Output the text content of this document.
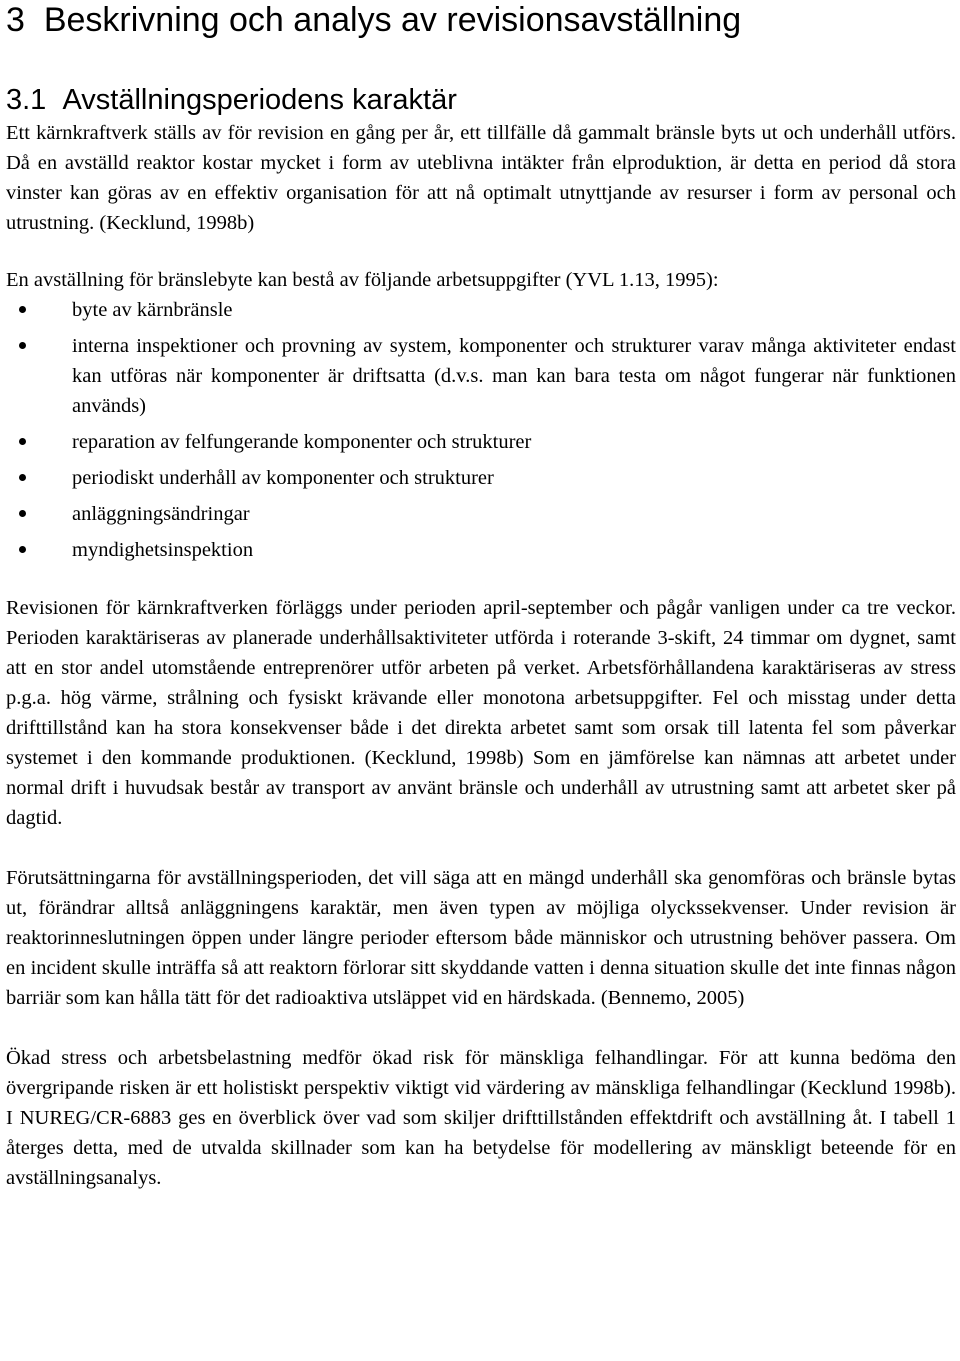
3 Beskrivning och analys av revisionsavställning
3.1 Avställningsperiodens karaktär

Ett kärnkraftverk ställs av för revision en gång per år, ett tillfälle då gammalt bränsle byts ut och underhåll utförs. Då en avställd reaktor kostar mycket i form av uteblivna intäkter från elproduktion, är detta en period då stora vinster kan göras av en effektiv organisation för att nå optimalt utnyttjande av resurser i form av personal och utrustning. (Kecklund, 1998b)

En avställning för bränslebyte kan bestå av följande arbetsuppgifter (YVL 1.13, 1995):

byte av kärnbränsle
interna inspektioner och provning av system, komponenter och strukturer varav många aktiviteter endast kan utföras när komponenter är driftsatta (d.v.s. man kan bara testa om något fungerar när funktionen används)
reparation av felfungerande komponenter och strukturer
periodiskt underhåll av komponenter och strukturer
anläggningsändringar
myndighetsinspektion

Revisionen för kärnkraftverken förläggs under perioden april-september och pågår vanligen under ca tre veckor. Perioden karaktäriseras av planerade underhållsaktiviteter utförda i roterande 3-skift, 24 timmar om dygnet, samt att en stor andel utomstående entreprenörer utför arbeten på verket. Arbetsförhållandena karaktäriseras av stress p.g.a. hög värme, strålning och fysiskt krävande eller monotona arbetsuppgifter. Fel och misstag under detta drifttillstånd kan ha stora konsekvenser både i det direkta arbetet samt som orsak till latenta fel som påverkar systemet i den kommande produktionen. (Kecklund, 1998b) Som en jämförelse kan nämnas att arbetet under normal drift i huvudsak består av transport av använt bränsle och underhåll av utrustning samt att arbetet sker på dagtid.

Förutsättningarna för avställningsperioden, det vill säga att en mängd underhåll ska genomföras och bränsle bytas ut, förändrar alltså anläggningens karaktär, men även typen av möjliga olyckssekvenser. Under revision är reaktorinneslutningen öppen under längre perioder eftersom både människor och utrustning behöver passera. Om en incident skulle inträffa så att reaktorn förlorar sitt skyddande vatten i denna situation skulle det inte finnas någon barriär som kan hålla tätt för det radioaktiva utsläppet vid en härdskada. (Bennemo, 2005)

Ökad stress och arbetsbelastning medför ökad risk för mänskliga felhandlingar. För att kunna bedöma den övergripande risken är ett holistiskt perspektiv viktigt vid värdering av mänskliga felhandlingar (Kecklund 1998b). I NUREG/CR-6883 ges en överblick över vad som skiljer drifttillstånden effektdrift och avställning åt. I tabell 1 återges detta, med de utvalda skillnader som kan ha betydelse för modellering av mänskligt beteende för en avställningsanalys.
